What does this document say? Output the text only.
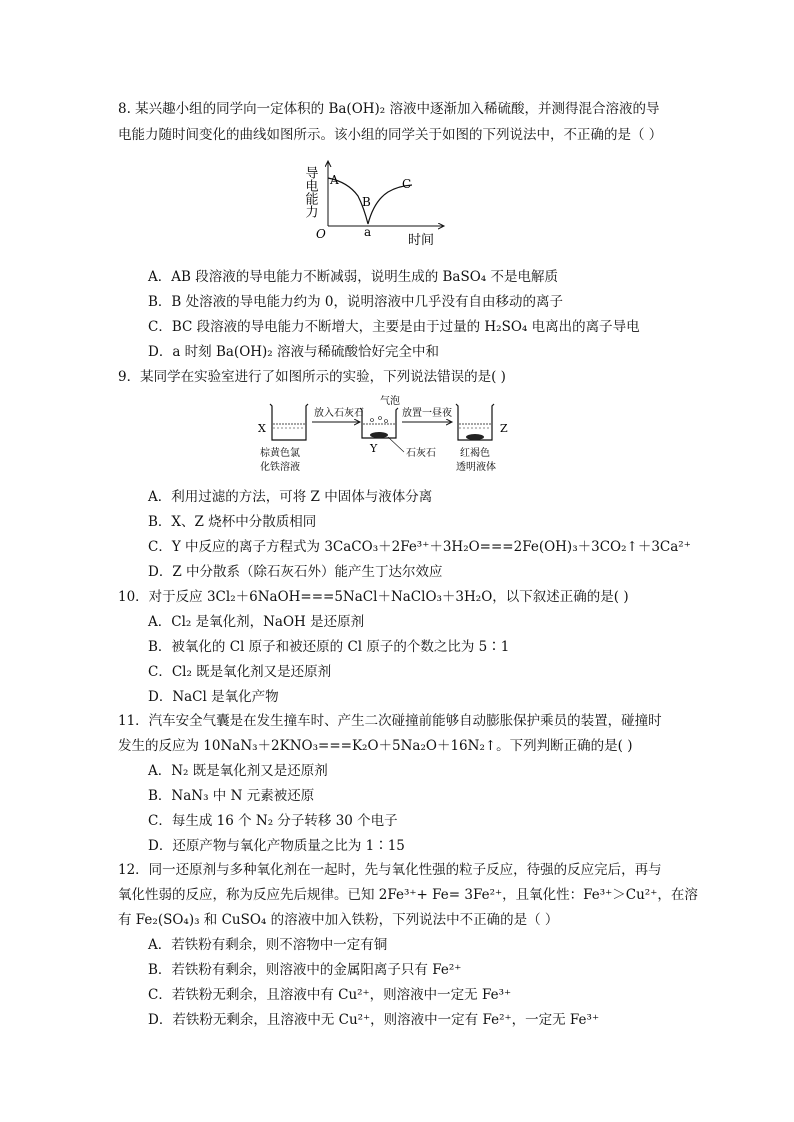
8. 某兴趣小组的同学向一定体积的 Ba(OH)₂ 溶液中逐渐加入稀硫酸，并测得混合溶液的导
电能力随时间变化的曲线如图所示。该小组的同学关于如图的下列说法中，不正确的是（ ）
导电能力 A
B
C
O	a
时间
A．AB 段溶液的导电能力不断减弱，说明生成的 BaSO₄ 不是电解质
B．B 处溶液的导电能力约为 0，说明溶液中几乎没有自由移动的离子
C．BC 段溶液的导电能力不断增大，主要是由于过量的 H₂SO₄ 电离出的离子导电
D．a 时刻 Ba(OH)₂ 溶液与稀硫酸恰好完全中和
9．某同学在实验室进行了如图所示的实验，下列说法错误的是( )
X
棕黄色氯
化铁溶液
放入石灰石
气泡
Y	石灰石
放置一昼夜
Z
红褐色
透明液体
A．利用过滤的方法，可将 Z 中固体与液体分离
B．X、Z 烧杯中分散质相同
C．Y 中反应的离子方程式为 3CaCO₃＋2Fe³⁺＋3H₂O===2Fe(OH)₃＋3CO₂↑＋3Ca²⁺
D．Z 中分散系（除石灰石外）能产生丁达尔效应
10．对于反应 3Cl₂＋6NaOH===5NaCl＋NaClO₃＋3H₂O，以下叙述正确的是( )
A．Cl₂ 是氧化剂，NaOH 是还原剂
B．被氧化的 Cl 原子和被还原的 Cl 原子的个数之比为 5∶1
C．Cl₂ 既是氧化剂又是还原剂
D．NaCl 是氧化产物
11．汽车安全气囊是在发生撞车时、产生二次碰撞前能够自动膨胀保护乘员的装置，碰撞时
发生的反应为 10NaN₃＋2KNO₃===K₂O＋5Na₂O＋16N₂↑。下列判断正确的是( )
A．N₂ 既是氧化剂又是还原剂
B．NaN₃ 中 N 元素被还原
C．每生成 16 个 N₂ 分子转移 30 个电子
D．还原产物与氧化产物质量之比为 1∶15
12．同一还原剂与多种氧化剂在一起时，先与氧化性强的粒子反应，待强的反应完后，再与
氧化性弱的反应，称为反应先后规律。已知 2Fe³⁺+ Fe= 3Fe²⁺，且氧化性：Fe³⁺＞Cu²⁺，在溶
有 Fe₂(SO₄)₃ 和 CuSO₄ 的溶液中加入铁粉，下列说法中不正确的是（ ）
A．若铁粉有剩余，则不溶物中一定有铜
B．若铁粉有剩余，则溶液中的金属阳离子只有 Fe²⁺
C．若铁粉无剩余，且溶液中有 Cu²⁺，则溶液中一定无 Fe³⁺
D．若铁粉无剩余，且溶液中无 Cu²⁺，则溶液中一定有 Fe²⁺，一定无 Fe³⁺
